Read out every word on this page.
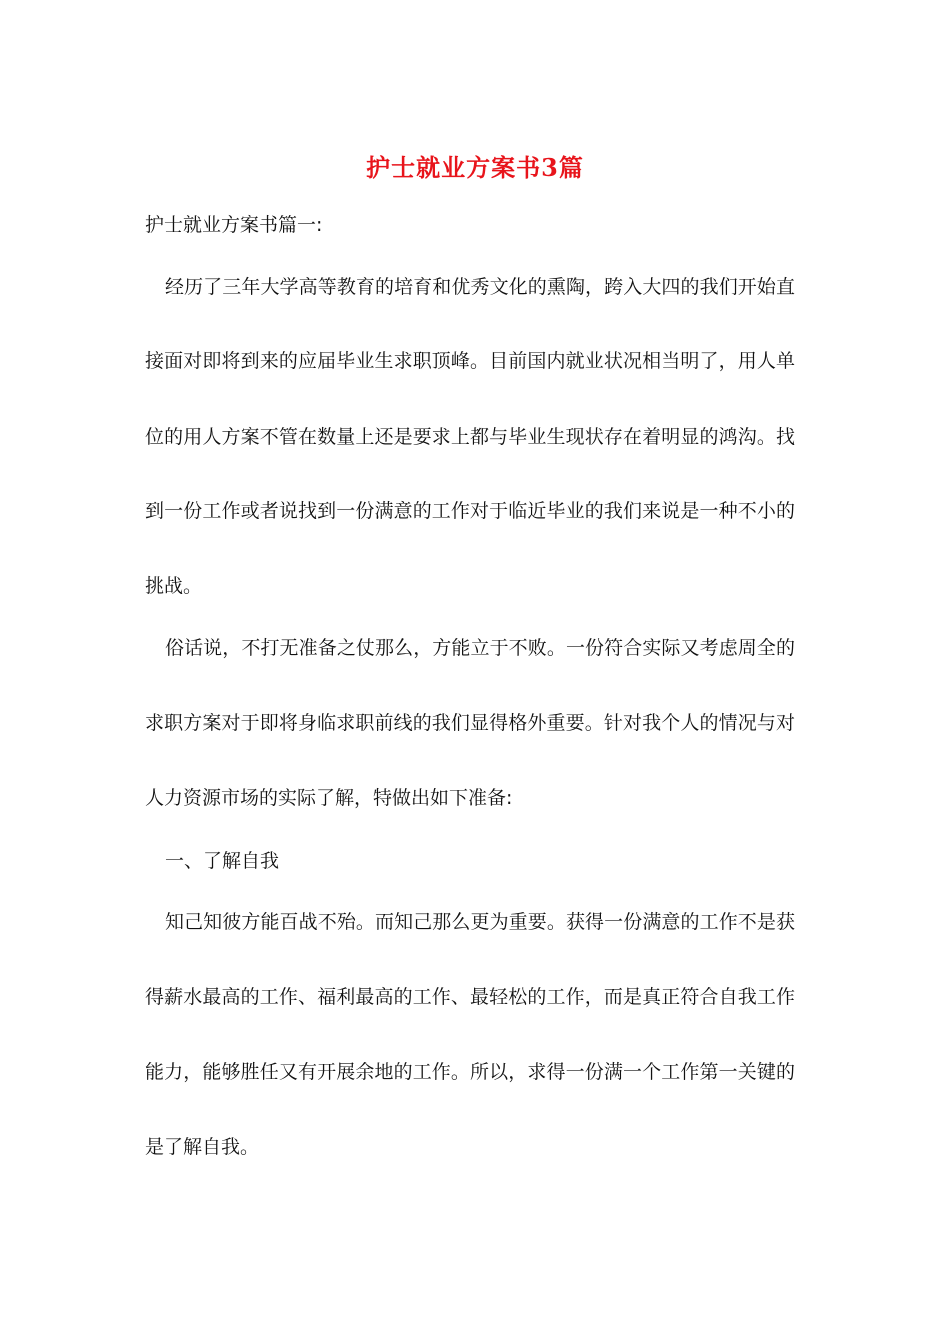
护士就业方案书3篇

护士就业方案书篇一:

经历了三年大学高等教育的培育和优秀文化的熏陶，跨入大四的我们开始直

接面对即将到来的应届毕业生求职顶峰。目前国内就业状况相当明了，用人单

位的用人方案不管在数量上还是要求上都与毕业生现状存在着明显的鸿沟。找

到一份工作或者说找到一份满意的工作对于临近毕业的我们来说是一种不小的

挑战。

俗话说，不打无准备之仗那么，方能立于不败。一份符合实际又考虑周全的

求职方案对于即将身临求职前线的我们显得格外重要。针对我个人的情况与对

人力资源市场的实际了解，特做出如下准备:

一、了解自我

知己知彼方能百战不殆。而知己那么更为重要。获得一份满意的工作不是获

得薪水最高的工作、福利最高的工作、最轻松的工作，而是真正符合自我工作

能力，能够胜任又有开展余地的工作。所以，求得一份满一个工作第一关键的

是了解自我。
